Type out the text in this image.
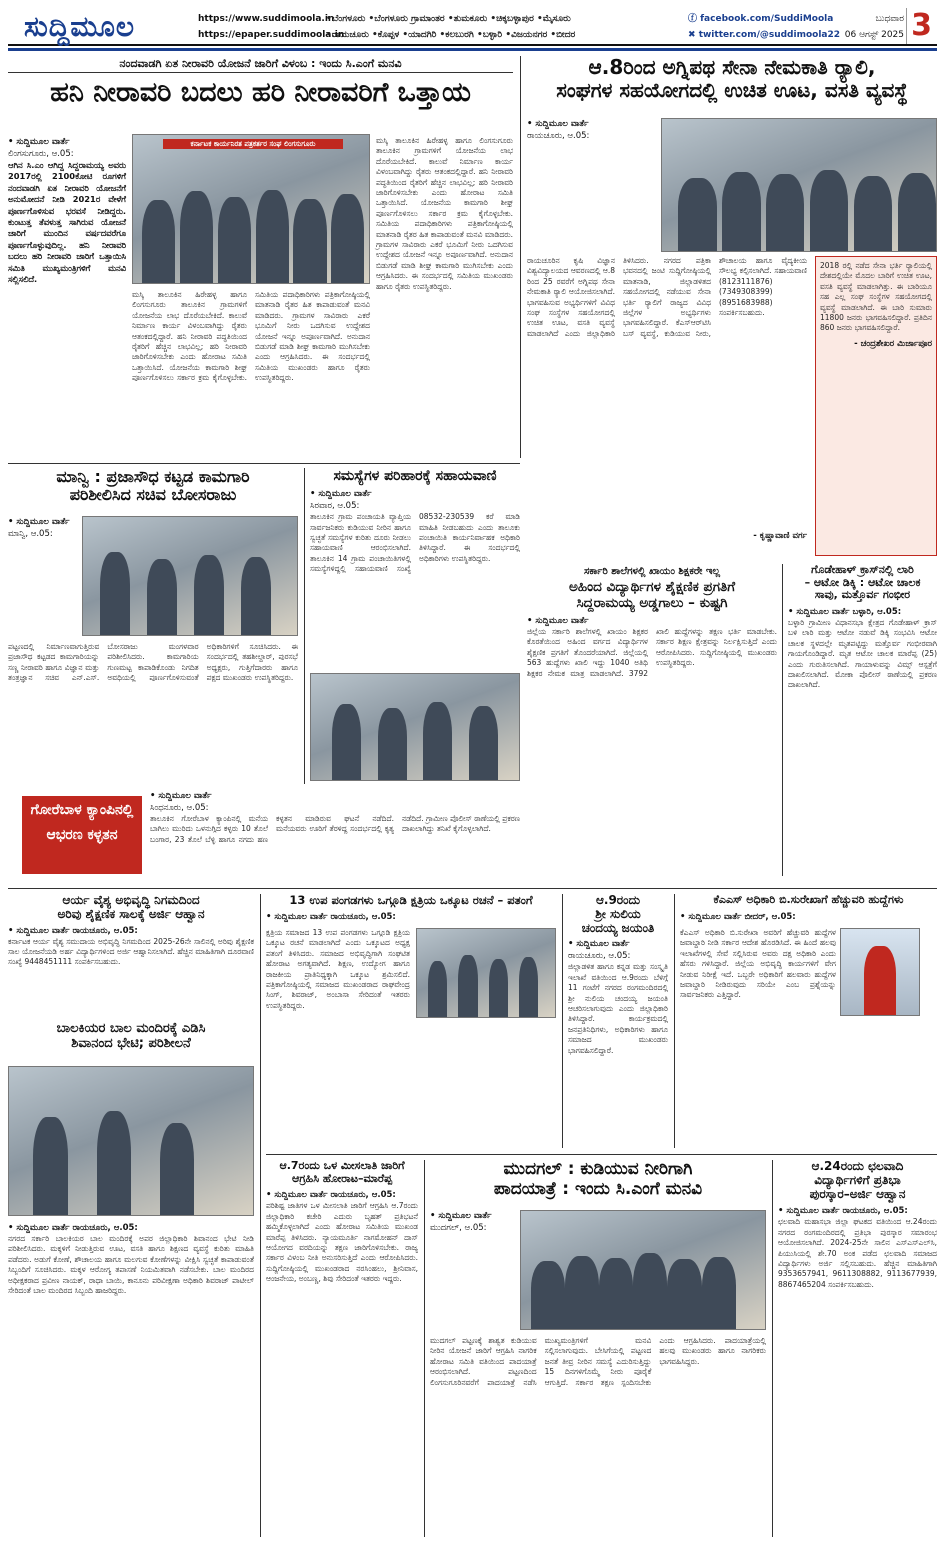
ಸುದ್ದಿಮೂಲ	https://www.suddimoola.in
https://epaper.suddimoola.in
•ಬೆಂಗಳೂರು •ಬೆಂಗಳೂರು ಗ್ರಾಮಾಂತರ •ತುಮಕೂರು •ಚಿಕ್ಕಬಳ್ಳಾಪುರ •ಮೈಸೂರು
•ರಾಯಚೂರು •ಕೊಪ್ಪಳ •ಯಾದಗಿರಿ •ಕಲಬುರಗಿ •ಬಳ್ಳಾರಿ •ವಿಜಯನಗರ •ಬೀದರ
ⓕ facebook.com/SuddiMoola
✖ twitter.com/@suddimoola22
ಬುಧವಾರ
06 ಆಗಸ್ಟ್ 2025 3
ನಂದವಾಡಗಿ ಏತ ನೀರಾವರಿ ಯೋಜನೆ ಜಾರಿಗೆ ವಿಳಂಬ : ಇಂದು ಸಿ.ಎಂಗೆ ಮನವಿ
ಹನಿ ನೀರಾವರಿ ಬದಲು ಹರಿ ನೀರಾವರಿಗೆ ಒತ್ತಾಯ
• ಸುದ್ದಿಮೂಲ ವಾರ್ತೆ
ಲಿಂಗಸುಗೂರು, ಆ.05:
ಆಗಿನ ಸಿ.ಎಂ ಆಗಿದ್ದ ಸಿದ್ದರಾಮಯ್ಯ ಅವರು 2017ರಲ್ಲಿ 2100ಕೋಟಿ ರೂಗಳಿಗೆ ನಂದವಾಡಗಿ ಏತ ನೀರಾವರಿ ಯೋಜನೆಗೆ ಅನುಮೋದನೆ ನೀಡಿ 2021ರ ವೇಳೆಗೆ ಪೂರ್ಣಗೊಳಿಸುವ ಭರವಸೆ ನೀಡಿದ್ದರು. ಕುಂಟುತ್ತ ತೆವಳುತ್ತ ಸಾಗಿರುವ ಯೋಜನೆ ಜಾರಿಗೆ ಮುಂದಿನ ವರ್ಷದವರೆಗೂ ಪೂರ್ಣಗೊಳ್ಳುವುದಿಲ್ಲ. ಹನಿ ನೀರಾವರಿ ಬದಲು ಹರಿ ನೀರಾವರಿ ಜಾರಿಗೆ ಒತ್ತಾಯಿಸಿ ಸಮಿತಿ ಮುಖ್ಯಮಂತ್ರಿಗಳಿಗೆ ಮನವಿ ಸಲ್ಲಿಸಲಿದೆ.
ಕರ್ನಾಟಕ ಕಾರ್ಯನಿರತ ಪತ್ರಕರ್ತರ ಸಂಘ ಲಿಂಗಸುಗೂರು	ಮಸ್ಕಿ ತಾಲೂಕಿನ ಹಿರೇಹಳ್ಳ ಹಾಗೂ ಲಿಂಗಸುಗೂರು ತಾಲೂಕಿನ ಗ್ರಾಮಗಳಿಗೆ ಯೋಜನೆಯ ಲಾಭ ದೊರೆಯಬೇಕಿದೆ. ಕಾಲುವೆ ನಿರ್ಮಾಣ ಕಾರ್ಯ ವಿಳಂಬವಾಗಿದ್ದು ರೈತರು ಆತಂಕದಲ್ಲಿದ್ದಾರೆ. ಹನಿ ನೀರಾವರಿ ಪದ್ಧತಿಯಿಂದ ರೈತರಿಗೆ ಹೆಚ್ಚಿನ ಲಾಭವಿಲ್ಲ; ಹರಿ ನೀರಾವರಿ ಜಾರಿಗೊಳಿಸಬೇಕು ಎಂದು ಹೋರಾಟ ಸಮಿತಿ ಒತ್ತಾಯಿಸಿದೆ. ಯೋಜನೆಯ ಕಾಮಗಾರಿ ಶೀಘ್ರ ಪೂರ್ಣಗೊಳಿಸಲು ಸರ್ಕಾರ ಕ್ರಮ ಕೈಗೊಳ್ಳಬೇಕು. ಸಮಿತಿಯ ಪದಾಧಿಕಾರಿಗಳು ಪತ್ರಿಕಾಗೋಷ್ಠಿಯಲ್ಲಿ ಮಾತನಾಡಿ ರೈತರ ಹಿತ ಕಾಪಾಡುವಂತೆ ಮನವಿ ಮಾಡಿದರು. ಗ್ರಾಮಗಳ ಸಾವಿರಾರು ಎಕರೆ ಭೂಮಿಗೆ ನೀರು ಒದಗಿಸುವ ಉದ್ದೇಶದ ಯೋಜನೆ ಇನ್ನೂ ಅಪೂರ್ಣವಾಗಿದೆ. ಅನುದಾನ ಬಿಡುಗಡೆ ಮಾಡಿ ಶೀಘ್ರ ಕಾಮಗಾರಿ ಮುಗಿಸಬೇಕು ಎಂದು ಆಗ್ರಹಿಸಿದರು. ಈ ಸಂದರ್ಭದಲ್ಲಿ ಸಮಿತಿಯ ಮುಖಂಡರು ಹಾಗೂ ರೈತರು ಉಪಸ್ಥಿತರಿದ್ದರು.
ಮಸ್ಕಿ ತಾಲೂಕಿನ ಹಿರೇಹಳ್ಳ ಹಾಗೂ ಲಿಂಗಸುಗೂರು ತಾಲೂಕಿನ ಗ್ರಾಮಗಳಿಗೆ ಯೋಜನೆಯ ಲಾಭ ದೊರೆಯಬೇಕಿದೆ. ಕಾಲುವೆ ನಿರ್ಮಾಣ ಕಾರ್ಯ ವಿಳಂಬವಾಗಿದ್ದು ರೈತರು ಆತಂಕದಲ್ಲಿದ್ದಾರೆ. ಹನಿ ನೀರಾವರಿ ಪದ್ಧತಿಯಿಂದ ರೈತರಿಗೆ ಹೆಚ್ಚಿನ ಲಾಭವಿಲ್ಲ; ಹರಿ ನೀರಾವರಿ ಜಾರಿಗೊಳಿಸಬೇಕು ಎಂದು ಹೋರಾಟ ಸಮಿತಿ ಒತ್ತಾಯಿಸಿದೆ. ಯೋಜನೆಯ ಕಾಮಗಾರಿ ಶೀಘ್ರ ಪೂರ್ಣಗೊಳಿಸಲು ಸರ್ಕಾರ ಕ್ರಮ ಕೈಗೊಳ್ಳಬೇಕು. ಸಮಿತಿಯ ಪದಾಧಿಕಾರಿಗಳು ಪತ್ರಿಕಾಗೋಷ್ಠಿಯಲ್ಲಿ ಮಾತನಾಡಿ ರೈತರ ಹಿತ ಕಾಪಾಡುವಂತೆ ಮನವಿ ಮಾಡಿದರು. ಗ್ರಾಮಗಳ ಸಾವಿರಾರು ಎಕರೆ ಭೂಮಿಗೆ ನೀರು ಒದಗಿಸುವ ಉದ್ದೇಶದ ಯೋಜನೆ ಇನ್ನೂ ಅಪೂರ್ಣವಾಗಿದೆ. ಅನುದಾನ ಬಿಡುಗಡೆ ಮಾಡಿ ಶೀಘ್ರ ಕಾಮಗಾರಿ ಮುಗಿಸಬೇಕು ಎಂದು ಆಗ್ರಹಿಸಿದರು. ಈ ಸಂದರ್ಭದಲ್ಲಿ ಸಮಿತಿಯ ಮುಖಂಡರು ಹಾಗೂ ರೈತರು ಉಪಸ್ಥಿತರಿದ್ದರು.
ಆ.8ರಿಂದ ಅಗ್ನಿಪಥ ಸೇನಾ ನೇಮಕಾತಿ ರ್‍ಯಾಲಿ,
ಸಂಘಗಳ ಸಹಯೋಗದಲ್ಲಿ ಉಚಿತ ಊಟ, ವಸತಿ ವ್ಯವಸ್ಥೆ
• ಸುದ್ದಿಮೂಲ ವಾರ್ತೆ
ರಾಯಚೂರು, ಆ.05:
ರಾಯಚೂರಿನ ಕೃಷಿ ವಿಜ್ಞಾನ ವಿಶ್ವವಿದ್ಯಾಲಯದ ಆವರಣದಲ್ಲಿ ಆ.8 ರಿಂದ 25 ರವರೆಗೆ ಅಗ್ನಿಪಥ ಸೇನಾ ನೇಮಕಾತಿ ರ್‍ಯಾಲಿ ಆಯೋಜಿಸಲಾಗಿದೆ. ಭಾಗವಹಿಸುವ ಅಭ್ಯರ್ಥಿಗಳಿಗೆ ವಿವಿಧ ಸಂಘ ಸಂಸ್ಥೆಗಳ ಸಹಯೋಗದಲ್ಲಿ ಉಚಿತ ಊಟ, ವಸತಿ ವ್ಯವಸ್ಥೆ ಮಾಡಲಾಗಿದೆ ಎಂದು ಜಿಲ್ಲಾಧಿಕಾರಿ ತಿಳಿಸಿದರು. ನಗರದ ಪತ್ರಿಕಾ ಭವನದಲ್ಲಿ ಜಂಟಿ ಸುದ್ದಿಗೋಷ್ಠಿಯಲ್ಲಿ ಮಾತನಾಡಿ, ಜಿಲ್ಲಾಡಳಿತದ ಸಹಯೋಗದಲ್ಲಿ ನಡೆಯುವ ಸೇನಾ ಭರ್ತಿ ರ್‍ಯಾಲಿಗೆ ರಾಜ್ಯದ ವಿವಿಧ ಜಿಲ್ಲೆಗಳ ಅಭ್ಯರ್ಥಿಗಳು ಭಾಗವಹಿಸಲಿದ್ದಾರೆ. ಕೆಎಸ್ಆರ್‌ಟಿಸಿ ಬಸ್ ವ್ಯವಸ್ಥೆ, ಕುಡಿಯುವ ನೀರು, ಶೌಚಾಲಯ ಹಾಗೂ ವೈದ್ಯಕೀಯ ಸೌಲಭ್ಯ ಕಲ್ಪಿಸಲಾಗಿದೆ. ಸಹಾಯವಾಣಿ (8123111876) (7349308399) (8951683988) ಸಂಪರ್ಕಿಸಬಹುದು.
- ಕೃಷ್ಣಾವಾಣಿ ವರ್ಗ
2018 ರಲ್ಲಿ ನಡೆದ ಸೇನಾ ಭರ್ತಿ ರ್‍ಯಾಲಿಯಲ್ಲಿ ದೇಶದಲ್ಲಿಯೇ ಮೊದಲ ಬಾರಿಗೆ ಉಚಿತ ಊಟ, ವಸತಿ ವ್ಯವಸ್ಥೆ ಮಾಡಲಾಗಿತ್ತು. ಈ ಬಾರಿಯೂ ಸಹ ಎಲ್ಲ ಸಂಘ ಸಂಸ್ಥೆಗಳ ಸಹಯೋಗದಲ್ಲಿ ವ್ಯವಸ್ಥೆ ಮಾಡಲಾಗಿದೆ. ಈ ಬಾರಿ ಸುಮಾರು 11800 ಜನರು ಭಾಗವಹಿಸಲಿದ್ದಾರೆ. ಪ್ರತಿದಿನ 860 ಜನರು ಭಾಗವಹಿಸಲಿದ್ದಾರೆ.
- ಚಂದ್ರಶೇಖರ ಮಿರ್ಜಾಪೂರ
ಮಾನ್ವಿ : ಪ್ರಜಾಸೌಧ ಕಟ್ಟಡ ಕಾಮಗಾರಿ
ಪರಿಶೀಲಿಸಿದ ಸಚಿವ ಬೋಸರಾಜು
• ಸುದ್ದಿಮೂಲ ವಾರ್ತೆ
ಮಾನ್ವಿ, ಆ.05:
ಪಟ್ಟಣದಲ್ಲಿ ನಿರ್ಮಾಣವಾಗುತ್ತಿರುವ ಪ್ರಜಾಸೌಧ ಕಟ್ಟಡದ ಕಾಮಗಾರಿಯನ್ನು ಸಣ್ಣ ನೀರಾವರಿ ಹಾಗೂ ವಿಜ್ಞಾನ ಮತ್ತು ತಂತ್ರಜ್ಞಾನ ಸಚಿವ ಎನ್.ಎಸ್. ಬೋಸರಾಜು ಮಂಗಳವಾರ ಪರಿಶೀಲಿಸಿದರು. ಕಾಮಗಾರಿಯ ಗುಣಮಟ್ಟ ಕಾಪಾಡಿಕೊಂಡು ನಿಗದಿತ ಅವಧಿಯಲ್ಲಿ ಪೂರ್ಣಗೊಳಿಸುವಂತೆ ಅಧಿಕಾರಿಗಳಿಗೆ ಸೂಚಿಸಿದರು. ಈ ಸಂದರ್ಭದಲ್ಲಿ ತಹಶೀಲ್ದಾರ್, ಪುರಸಭೆ ಅಧ್ಯಕ್ಷರು, ಗುತ್ತಿಗೆದಾರರು ಹಾಗೂ ಪಕ್ಷದ ಮುಖಂಡರು ಉಪಸ್ಥಿತರಿದ್ದರು.
ಸಮಸ್ಯೆಗಳ ಪರಿಹಾರಕ್ಕೆ ಸಹಾಯವಾಣಿ
• ಸುದ್ದಿಮೂಲ ವಾರ್ತೆ
ಸಿರವಾರ, ಆ.05:
ತಾಲೂಕಿನ ಗ್ರಾಮ ಪಂಚಾಯತಿ ವ್ಯಾಪ್ತಿಯ ಸಾರ್ವಜನಿಕರು ಕುಡಿಯುವ ನೀರಿನ ಹಾಗೂ ಸ್ವಚ್ಛತೆ ಸಮಸ್ಯೆಗಳ ಕುರಿತು ದೂರು ನೀಡಲು ಸಹಾಯವಾಣಿ ಆರಂಭಿಸಲಾಗಿದೆ. ತಾಲೂಕಿನ 14 ಗ್ರಾಮ ಪಂಚಾಯಿತಿಗಳಲ್ಲಿ ಸಮಸ್ಯೆಗಳಿದ್ದಲ್ಲಿ ಸಹಾಯವಾಣಿ ಸಂಖ್ಯೆ 08532-230539 ಕರೆ ಮಾಡಿ ಮಾಹಿತಿ ನೀಡಬಹುದು ಎಂದು ತಾಲೂಕು ಪಂಚಾಯಿತಿ ಕಾರ್ಯನಿರ್ವಾಹಕ ಅಧಿಕಾರಿ ತಿಳಿಸಿದ್ದಾರೆ. ಈ ಸಂದರ್ಭದಲ್ಲಿ ಅಧಿಕಾರಿಗಳು ಉಪಸ್ಥಿತರಿದ್ದರು.
ಸರ್ಕಾರಿ ಶಾಲೆಗಳಲ್ಲಿ ಖಾಯಂ ಶಿಕ್ಷಕರೇ ಇಲ್ಲ
ಅಹಿಂದ ವಿದ್ಯಾರ್ಥಿಗಳ ಶೈಕ್ಷಣಿಕ ಪ್ರಗತಿಗೆ
ಸಿದ್ದರಾಮಯ್ಯ ಅಡ್ಡಗಾಲು – ಕುಷ್ಟಗಿ
• ಸುದ್ದಿಮೂಲ ವಾರ್ತೆ
ಜಿಲ್ಲೆಯ ಸರ್ಕಾರಿ ಶಾಲೆಗಳಲ್ಲಿ ಖಾಯಂ ಶಿಕ್ಷಕರ ಕೊರತೆಯಿಂದ ಅಹಿಂದ ವರ್ಗದ ವಿದ್ಯಾರ್ಥಿಗಳ ಶೈಕ್ಷಣಿಕ ಪ್ರಗತಿಗೆ ತೊಂದರೆಯಾಗಿದೆ. ಜಿಲ್ಲೆಯಲ್ಲಿ 563 ಹುದ್ದೆಗಳು ಖಾಲಿ ಇದ್ದು 1040 ಅತಿಥಿ ಶಿಕ್ಷಕರ ನೇಮಕ ಮಾತ್ರ ಮಾಡಲಾಗಿದೆ. 3792 ಖಾಲಿ ಹುದ್ದೆಗಳನ್ನು ತಕ್ಷಣ ಭರ್ತಿ ಮಾಡಬೇಕು. ಸರ್ಕಾರ ಶಿಕ್ಷಣ ಕ್ಷೇತ್ರವನ್ನು ನಿರ್ಲಕ್ಷಿಸುತ್ತಿದೆ ಎಂದು ಆರೋಪಿಸಿದರು. ಸುದ್ದಿಗೋಷ್ಠಿಯಲ್ಲಿ ಮುಖಂಡರು ಉಪಸ್ಥಿತರಿದ್ದರು.
ಗೊಡೇಹಾಳ್ ಕ್ರಾಸ್‌ನಲ್ಲಿ ಲಾರಿ
– ಆಟೋ ಡಿಕ್ಕಿ : ಆಟೋ ಚಾಲಕ
ಸಾವು, ಮತ್ತೊರ್ವ ಗಂಭೀರ
• ಸುದ್ದಿಮೂಲ ವಾರ್ತೆ ಬಳ್ಳಾರಿ, ಆ.05:
ಬಳ್ಳಾರಿ ಗ್ರಾಮೀಣ ವಿಧಾನಸಭಾ ಕ್ಷೇತ್ರದ ಗೊಡೇಹಾಳ್ ಕ್ರಾಸ್ ಬಳಿ ಲಾರಿ ಮತ್ತು ಆಟೋ ನಡುವೆ ಡಿಕ್ಕಿ ಸಂಭವಿಸಿ ಆಟೋ ಚಾಲಕ ಸ್ಥಳದಲ್ಲೇ ಮೃತಪಟ್ಟಿದ್ದು ಮತ್ತೊರ್ವ ಗಂಭೀರವಾಗಿ ಗಾಯಗೊಂಡಿದ್ದಾರೆ. ಮೃತ ಆಟೋ ಚಾಲಕ ಮಾರೆಪ್ಪ (25) ಎಂದು ಗುರುತಿಸಲಾಗಿದೆ. ಗಾಯಾಳುವನ್ನು ವಿಮ್ಸ್ ಆಸ್ಪತ್ರೆಗೆ ದಾಖಲಿಸಲಾಗಿದೆ. ಮೋಕಾ ಪೊಲೀಸ್ ಠಾಣೆಯಲ್ಲಿ ಪ್ರಕರಣ ದಾಖಲಾಗಿದೆ.
ಗೋರೆಬಾಳ ಕ್ಯಾಂಪಿನಲ್ಲಿ ಆಭರಣ ಕಳ್ಳತನ
• ಸುದ್ದಿಮೂಲ ವಾರ್ತೆ
ಸಿಂಧನೂರು, ಆ.05:
ತಾಲೂಕಿನ ಗೋರೆಬಾಳ ಕ್ಯಾಂಪಿನಲ್ಲಿ ಮನೆಯ ಬಾಗಿಲು ಮುರಿದು ಒಳನುಗ್ಗಿದ ಕಳ್ಳರು 10 ತೊಲೆ ಬಂಗಾರ, 23 ತೊಲೆ ಬೆಳ್ಳಿ ಹಾಗೂ ನಗದು ಹಣ ಕಳ್ಳತನ ಮಾಡಿರುವ ಘಟನೆ ನಡೆದಿದೆ. ಮನೆಯವರು ಊರಿಗೆ ತೆರಳಿದ್ದ ಸಂದರ್ಭದಲ್ಲಿ ಕೃತ್ಯ ನಡೆದಿದೆ. ಗ್ರಾಮೀಣ ಪೊಲೀಸ್ ಠಾಣೆಯಲ್ಲಿ ಪ್ರಕರಣ ದಾಖಲಾಗಿದ್ದು ತನಿಖೆ ಕೈಗೊಳ್ಳಲಾಗಿದೆ.
ಆರ್ಯ ವೈಶ್ಯ ಅಭಿವೃದ್ಧಿ ನಿಗಮದಿಂದ
ಅರಿವು ಶೈಕ್ಷಣಿಕ ಸಾಲಕ್ಕೆ ಅರ್ಜಿ ಆಹ್ವಾನ
• ಸುದ್ದಿಮೂಲ ವಾರ್ತೆ ರಾಯಚೂರು, ಆ.05:
ಕರ್ನಾಟಕ ಆರ್ಯ ವೈಶ್ಯ ಸಮುದಾಯ ಅಭಿವೃದ್ಧಿ ನಿಗಮದಿಂದ 2025-26ನೇ ಸಾಲಿನಲ್ಲಿ ಅರಿವು ಶೈಕ್ಷಣಿಕ ಸಾಲ ಯೋಜನೆಯಡಿ ಅರ್ಹ ವಿದ್ಯಾರ್ಥಿಗಳಿಂದ ಅರ್ಜಿ ಆಹ್ವಾನಿಸಲಾಗಿದೆ. ಹೆಚ್ಚಿನ ಮಾಹಿತಿಗಾಗಿ ದೂರವಾಣಿ ಸಂಖ್ಯೆ 9448451111 ಸಂಪರ್ಕಿಸಬಹುದು.
ಬಾಲಕಿಯರ ಬಾಲ ಮಂದಿರಕ್ಕೆ ಎಡಿಸಿ
ಶಿವಾನಂದ ಭೇಟಿ; ಪರಿಶೀಲನೆ
• ಸುದ್ದಿಮೂಲ ವಾರ್ತೆ ರಾಯಚೂರು, ಆ.05:
ನಗರದ ಸರ್ಕಾರಿ ಬಾಲಕಿಯರ ಬಾಲ ಮಂದಿರಕ್ಕೆ ಅಪರ ಜಿಲ್ಲಾಧಿಕಾರಿ ಶಿವಾನಂದ ಭೇಟಿ ನೀಡಿ ಪರಿಶೀಲಿಸಿದರು. ಮಕ್ಕಳಿಗೆ ನೀಡುತ್ತಿರುವ ಊಟ, ವಸತಿ ಹಾಗೂ ಶಿಕ್ಷಣದ ವ್ಯವಸ್ಥೆ ಕುರಿತು ಮಾಹಿತಿ ಪಡೆದರು. ಅಡುಗೆ ಕೋಣೆ, ಶೌಚಾಲಯ ಹಾಗೂ ಮಲಗುವ ಕೋಣೆಗಳನ್ನು ವೀಕ್ಷಿಸಿ ಸ್ವಚ್ಛತೆ ಕಾಪಾಡುವಂತೆ ಸಿಬ್ಬಂದಿಗೆ ಸೂಚಿಸಿದರು. ಮಕ್ಕಳ ಆರೋಗ್ಯ ತಪಾಸಣೆ ನಿಯಮಿತವಾಗಿ ನಡೆಸಬೇಕು. ಬಾಲ ಮಂದಿರದ ಅಧೀಕ್ಷಕರಾದ ಪ್ರವೀಣ ನಾಯಕ್, ರಾಧಾ ಬಾಯಿ, ಕಾನೂನು ಪರಿವೀಕ್ಷಣಾ ಅಧಿಕಾರಿ ಶಿವರಾಜ್ ಪಾಟೀಲ್ ಸೇರಿದಂತೆ ಬಾಲ ಮಂದಿರದ ಸಿಬ್ಬಂದಿ ಹಾಜರಿದ್ದರು.
13 ಉಪ ಪಂಗಡಗಳು ಒಗ್ಗೂಡಿ ಕ್ಷತ್ರಿಯ ಒಕ್ಕೂಟ ರಚನೆ – ಪತಂಗೆ
• ಸುದ್ದಿಮೂಲ ವಾರ್ತೆ ರಾಯಚೂರು, ಆ.05:
ಕ್ಷತ್ರಿಯ ಸಮಾಜದ 13 ಉಪ ಪಂಗಡಗಳು ಒಗ್ಗೂಡಿ ಕ್ಷತ್ರಿಯ ಒಕ್ಕೂಟ ರಚನೆ ಮಾಡಲಾಗಿದೆ ಎಂದು ಒಕ್ಕೂಟದ ಅಧ್ಯಕ್ಷ ಪತಂಗೆ ತಿಳಿಸಿದರು. ಸಮಾಜದ ಅಭಿವೃದ್ಧಿಗಾಗಿ ಸಂಘಟಿತ ಹೋರಾಟ ಅಗತ್ಯವಾಗಿದೆ. ಶಿಕ್ಷಣ, ಉದ್ಯೋಗ ಹಾಗೂ ರಾಜಕೀಯ ಪ್ರಾತಿನಿಧ್ಯಕ್ಕಾಗಿ ಒಕ್ಕೂಟ ಶ್ರಮಿಸಲಿದೆ. ಪತ್ರಿಕಾಗೋಷ್ಠಿಯಲ್ಲಿ ಸಮಾಜದ ಮುಖಂಡರಾದ ರಾಘವೇಂದ್ರ ಸಿಂಗ್, ಶಿವರಾಜ್, ಅಂಬಾಸಾ ಸೇರಿದಂತೆ ಇತರರು ಉಪಸ್ಥಿತರಿದ್ದರು.
ಆ.9ರಂದು
ಶ್ರೀ ಸುಲಿಯ
ಚಂದಯ್ಯ ಜಯಂತಿ
• ಸುದ್ದಿಮೂಲ ವಾರ್ತೆ
ರಾಯಚೂರು, ಆ.05:
ಜಿಲ್ಲಾಡಳಿತ ಹಾಗೂ ಕನ್ನಡ ಮತ್ತು ಸಂಸ್ಕೃತಿ ಇಲಾಖೆ ವತಿಯಿಂದ ಆ.9ರಂದು ಬೆಳಿಗ್ಗೆ 11 ಗಂಟೆಗೆ ನಗರದ ರಂಗಮಂದಿರದಲ್ಲಿ ಶ್ರೀ ನುಲಿಯ ಚಂದಯ್ಯ ಜಯಂತಿ ಆಚರಿಸಲಾಗುವುದು ಎಂದು ಜಿಲ್ಲಾಧಿಕಾರಿ ತಿಳಿಸಿದ್ದಾರೆ. ಕಾರ್ಯಕ್ರಮದಲ್ಲಿ ಜನಪ್ರತಿನಿಧಿಗಳು, ಅಧಿಕಾರಿಗಳು ಹಾಗೂ ಸಮಾಜದ ಮುಖಂಡರು ಭಾಗವಹಿಸಲಿದ್ದಾರೆ.
ಕೆಎಎಸ್ ಅಧಿಕಾರಿ ಬಿ.ಸುರೇಖಾಗೆ ಹೆಚ್ಚುವರಿ ಹುದ್ದೆಗಳು
• ಸುದ್ದಿಮೂಲ ವಾರ್ತೆ ಬೀದರ್, ಆ.05:
ಕೆಎಎಸ್ ಅಧಿಕಾರಿ ಬಿ.ಸುರೇಖಾ ಅವರಿಗೆ ಹೆಚ್ಚುವರಿ ಹುದ್ದೆಗಳ ಜವಾಬ್ದಾರಿ ನೀಡಿ ಸರ್ಕಾರ ಆದೇಶ ಹೊರಡಿಸಿದೆ. ಈ ಹಿಂದೆ ಹಲವು ಇಲಾಖೆಗಳಲ್ಲಿ ಸೇವೆ ಸಲ್ಲಿಸಿರುವ ಅವರು ದಕ್ಷ ಅಧಿಕಾರಿ ಎಂದು ಹೆಸರು ಗಳಿಸಿದ್ದಾರೆ. ಜಿಲ್ಲೆಯ ಅಭಿವೃದ್ಧಿ ಕಾರ್ಯಗಳಿಗೆ ವೇಗ ನೀಡುವ ನಿರೀಕ್ಷೆ ಇದೆ. ಒಬ್ಬರೇ ಅಧಿಕಾರಿಗೆ ಹಲವಾರು ಹುದ್ದೆಗಳ ಜವಾಬ್ದಾರಿ ನೀಡಿರುವುದು ಸರಿಯೇ ಎಂಬ ಪ್ರಶ್ನೆಯನ್ನು ಸಾರ್ವಜನಿಕರು ಎತ್ತಿದ್ದಾರೆ.
ಆ.7ರಂದು ಒಳ ಮೀಸಲಾತಿ ಜಾರಿಗೆ
ಆಗ್ರಹಿಸಿ ಹೋರಾಟ–ಮಾರೆಪ್ಪ
• ಸುದ್ದಿಮೂಲ ವಾರ್ತೆ ರಾಯಚೂರು, ಆ.05:
ಪರಿಶಿಷ್ಟ ಜಾತಿಗಳ ಒಳ ಮೀಸಲಾತಿ ಜಾರಿಗೆ ಆಗ್ರಹಿಸಿ ಆ.7ರಂದು ಜಿಲ್ಲಾಧಿಕಾರಿ ಕಚೇರಿ ಎದುರು ಬೃಹತ್ ಪ್ರತಿಭಟನೆ ಹಮ್ಮಿಕೊಳ್ಳಲಾಗಿದೆ ಎಂದು ಹೋರಾಟ ಸಮಿತಿಯ ಮುಖಂಡ ಮಾರೆಪ್ಪ ತಿಳಿಸಿದರು. ನ್ಯಾಯಮೂರ್ತಿ ನಾಗಮೋಹನ್ ದಾಸ್ ಆಯೋಗದ ವರದಿಯನ್ನು ತಕ್ಷಣ ಜಾರಿಗೊಳಿಸಬೇಕು. ರಾಜ್ಯ ಸರ್ಕಾರ ವಿಳಂಬ ನೀತಿ ಅನುಸರಿಸುತ್ತಿದೆ ಎಂದು ಆರೋಪಿಸಿದರು. ಸುದ್ದಿಗೋಷ್ಠಿಯಲ್ಲಿ ಮುಖಂಡರಾದ ನರಸಿಂಹಲು, ಶ್ರೀನಿವಾಸ, ಆಂಜನೇಯ, ಅಂಬಣ್ಣ, ಶಿವು ಸೇರಿದಂತೆ ಇತರರು ಇದ್ದರು.
ಮುದಗಲ್ : ಕುಡಿಯುವ ನೀರಿಗಾಗಿ
ಪಾದಯಾತ್ರೆ : ಇಂದು ಸಿ.ಎಂಗೆ ಮನವಿ
• ಸುದ್ದಿಮೂಲ ವಾರ್ತೆ
ಮುದಗಲ್, ಆ.05:
ಮುದಗಲ್ ಪಟ್ಟಣಕ್ಕೆ ಶಾಶ್ವತ ಕುಡಿಯುವ ನೀರಿನ ಯೋಜನೆ ಜಾರಿಗೆ ಆಗ್ರಹಿಸಿ ನಾಗರಿಕ ಹೋರಾಟ ಸಮಿತಿ ವತಿಯಿಂದ ಪಾದಯಾತ್ರೆ ಆರಂಭಿಸಲಾಗಿದೆ. ಪಟ್ಟಣದಿಂದ ಲಿಂಗಸುಗೂರಿನವರೆಗೆ ಪಾದಯಾತ್ರೆ ನಡೆಸಿ ಮುಖ್ಯಮಂತ್ರಿಗಳಿಗೆ ಮನವಿ ಸಲ್ಲಿಸಲಾಗುವುದು. ಬೇಸಿಗೆಯಲ್ಲಿ ಪಟ್ಟಣದ ಜನತೆ ತೀವ್ರ ನೀರಿನ ಸಮಸ್ಯೆ ಎದುರಿಸುತ್ತಿದ್ದು 15 ದಿನಗಳಿಗೊಮ್ಮೆ ನೀರು ಪೂರೈಕೆ ಆಗುತ್ತಿದೆ. ಸರ್ಕಾರ ತಕ್ಷಣ ಸ್ಪಂದಿಸಬೇಕು ಎಂದು ಆಗ್ರಹಿಸಿದರು. ಪಾದಯಾತ್ರೆಯಲ್ಲಿ ಹಲವು ಮುಖಂಡರು ಹಾಗೂ ನಾಗರಿಕರು ಭಾಗವಹಿಸಿದ್ದರು.
ಆ.24ರಂದು ಛಲವಾದಿ
ವಿದ್ಯಾರ್ಥಿಗಳಿಗೆ ಪ್ರತಿಭಾ
ಪುರಸ್ಕಾರ–ಅರ್ಜಿ ಆಹ್ವಾನ
• ಸುದ್ದಿಮೂಲ ವಾರ್ತೆ ರಾಯಚೂರು, ಆ.05:
ಛಲವಾದಿ ಮಹಾಸಭಾ ಜಿಲ್ಲಾ ಘಟಕದ ವತಿಯಿಂದ ಆ.24ರಂದು ನಗರದ ರಂಗಮಂದಿರದಲ್ಲಿ ಪ್ರತಿಭಾ ಪುರಸ್ಕಾರ ಸಮಾರಂಭ ಆಯೋಜಿಸಲಾಗಿದೆ. 2024-25ನೇ ಸಾಲಿನ ಎಸ್ಎಸ್ಎಲ್‌ಸಿ, ಪಿಯುಸಿಯಲ್ಲಿ ಶೇ.70 ಅಂಕ ಪಡೆದ ಛಲವಾದಿ ಸಮಾಜದ ವಿದ್ಯಾರ್ಥಿಗಳು ಅರ್ಜಿ ಸಲ್ಲಿಸಬಹುದು. ಹೆಚ್ಚಿನ ಮಾಹಿತಿಗಾಗಿ 9353657941, 9611308882, 9113677939, 8867465204 ಸಂಪರ್ಕಿಸಬಹುದು.
